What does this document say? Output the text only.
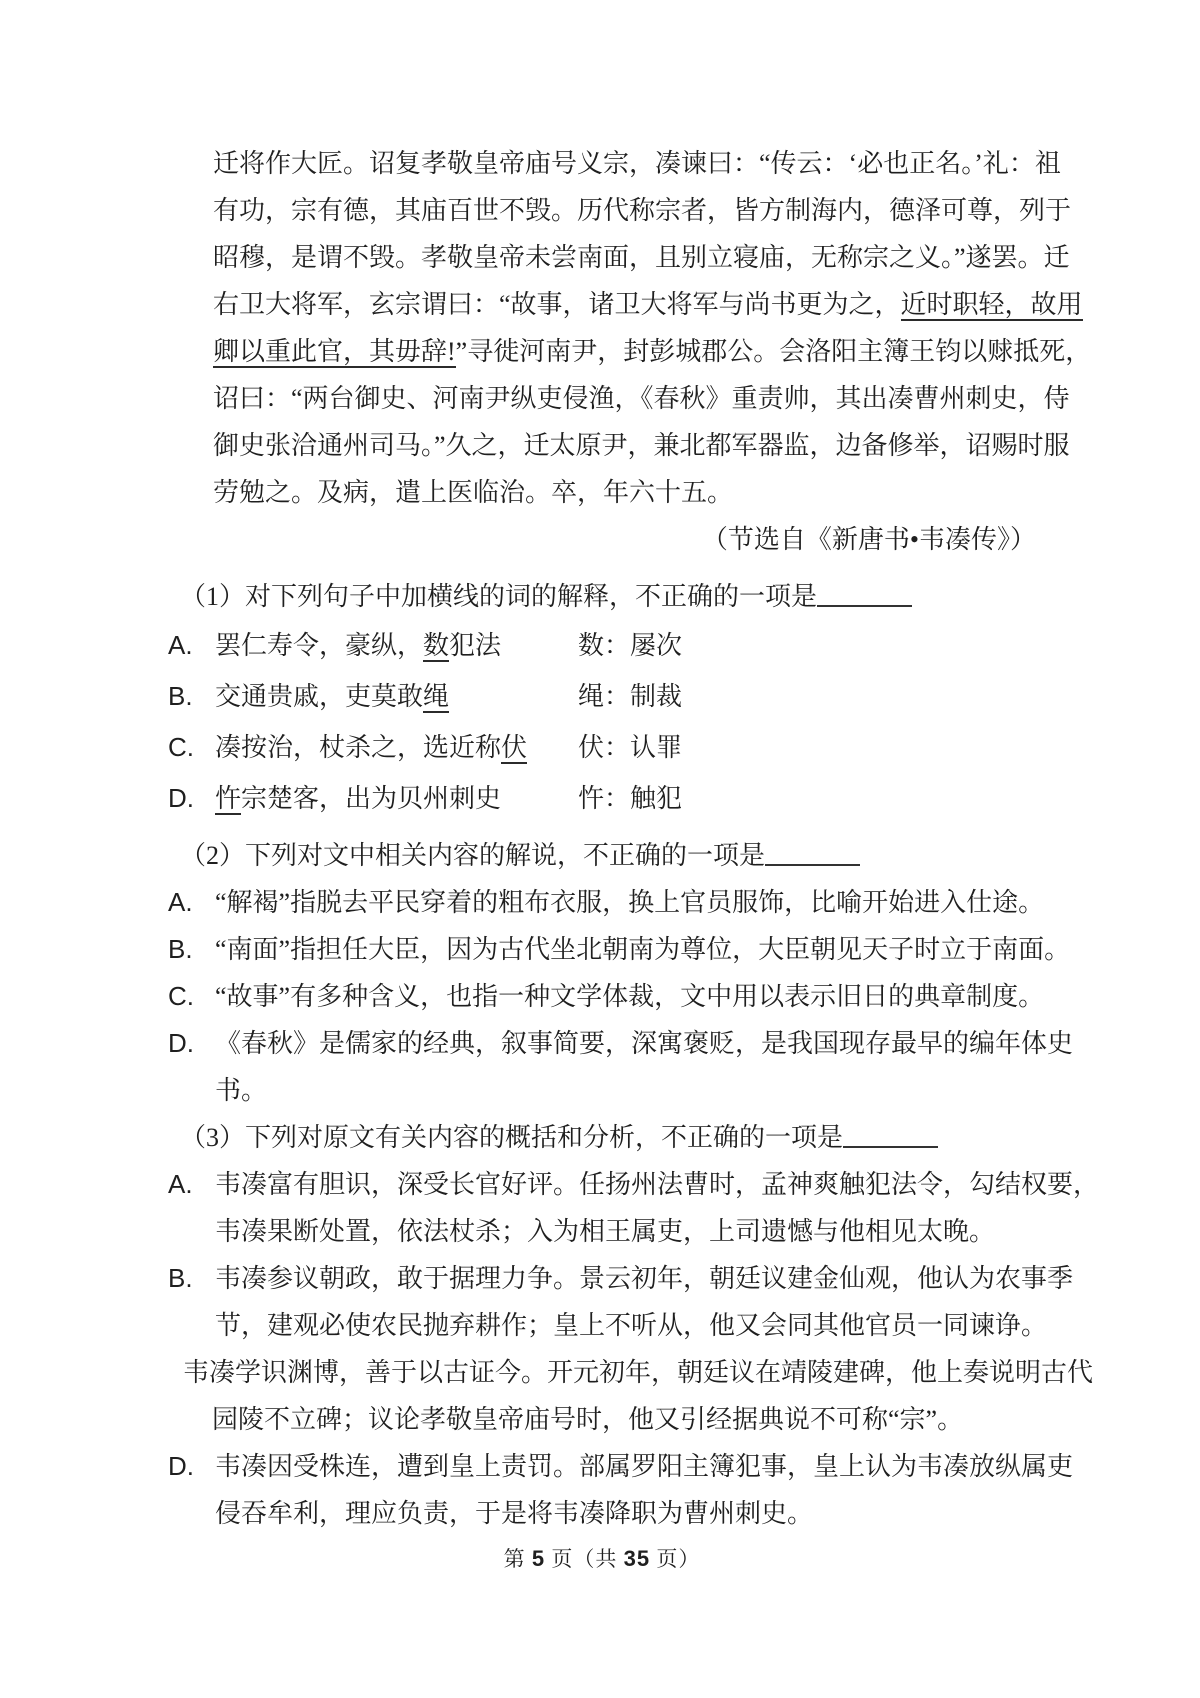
迁将作大匠。诏复孝敬皇帝庙号义宗，凑谏曰：“传云：‘必也正名。’礼：祖
有功，宗有德，其庙百世不毁。历代称宗者，皆方制海内，德泽可尊，列于
昭穆，是谓不毁。孝敬皇帝未尝南面，且别立寝庙，无称宗之义。”遂罢。迁
右卫大将军，玄宗谓曰：“故事，诸卫大将军与尚书更为之，近时职轻，故用
卿以重此官，其毋辞!”寻徙河南尹，封彭城郡公。会洛阳主簿王钧以赇抵死，
诏曰：“两台御史、河南尹纵吏侵渔，《春秋》重责帅，其出凑曹州刺史，侍
御史张洽通州司马。”久之，迁太原尹，兼北都军器监，边备修举，诏赐时服
劳勉之。及病，遣上医临治。卒，年六十五。
（节选自《新唐书•韦凑传》）
（1）对下列句子中加横线的词的解释，不正确的一项是
A. 罢仁寿令，豪纵，数犯法	数：屡次
B. 交通贵戚，吏莫敢绳	绳：制裁
C. 凑按治，杖杀之，选近称伏 伏：认罪
D. 忤宗楚客，出为贝州刺史	忤：触犯
（2）下列对文中相关内容的解说，不正确的一项是
A. “解褐”指脱去平民穿着的粗布衣服，换上官员服饰，比喻开始进入仕途。
B. “南面”指担任大臣，因为古代坐北朝南为尊位，大臣朝见天子时立于南面。
C. “故事”有多种含义，也指一种文学体裁，文中用以表示旧日的典章制度。
D. 《春秋》是儒家的经典，叙事简要，深寓褒贬，是我国现存最早的编年体史
书。
（3）下列对原文有关内容的概括和分析，不正确的一项是
A. 韦凑富有胆识，深受长官好评。任扬州法曹时，孟神爽触犯法令，勾结权要，
韦凑果断处置，依法杖杀；入为相王属吏，上司遗憾与他相见太晚。
B. 韦凑参议朝政，敢于据理力争。景云初年，朝廷议建金仙观，他认为农事季
节，建观必使农民抛弃耕作；皇上不听从，他又会同其他官员一同谏诤。
韦凑学识渊博，善于以古证今。开元初年，朝廷议在靖陵建碑，他上奏说明古代
园陵不立碑；议论孝敬皇帝庙号时，他又引经据典说不可称“宗”。
D. 韦凑因受株连，遭到皇上责罚。部属罗阳主簿犯事，皇上认为韦凑放纵属吏
侵吞牟利，理应负责，于是将韦凑降职为曹州刺史。
第 5 页（共 35 页）
